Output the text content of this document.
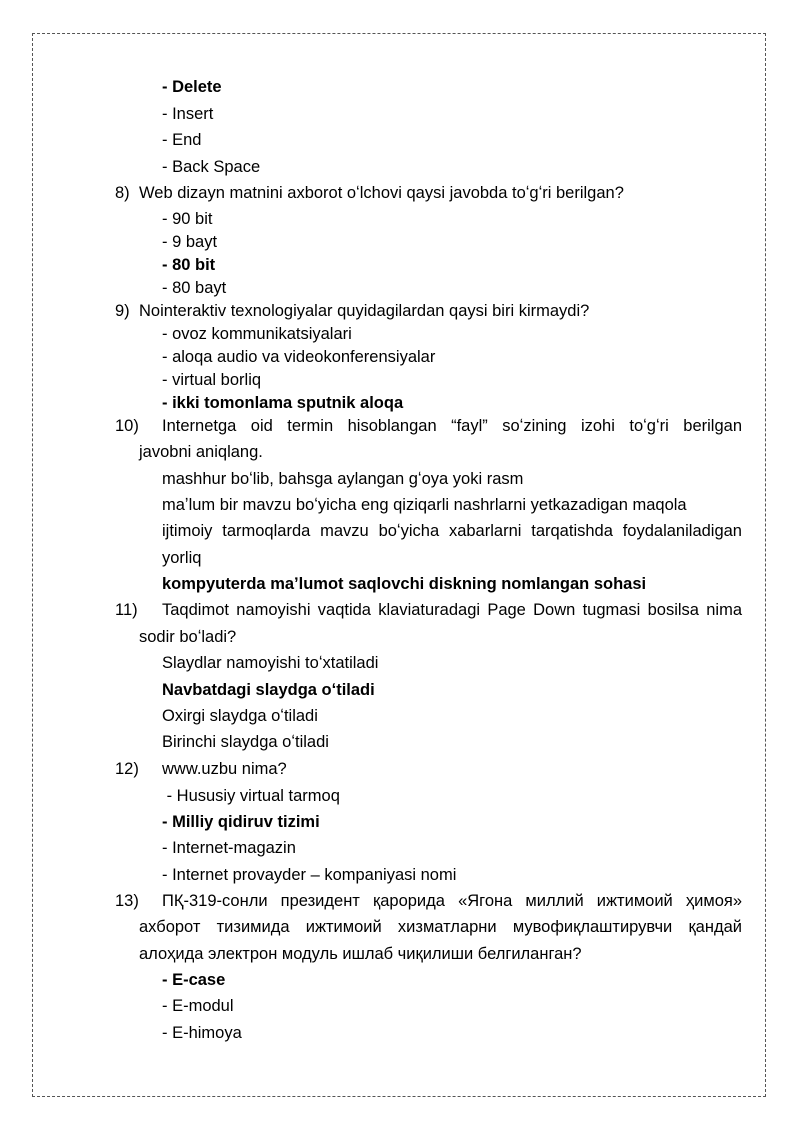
- Delete
- Insert
- End
- Back Space
8) Web dizayn matnini axborot oʻlchovi qaysi javobda toʻgʻri berilgan?
- 90 bit
- 9 bayt
- 80 bit
- 80 bayt
9) Nointeraktiv texnologiyalar quyidagilardan qaysi biri kirmaydi?
- ovoz kommunikatsiyalari
- aloqa audio va videokonferensiyalar
- virtual borliq
- ikki tomonlama sputnik aloqa
10) Internetga oid termin hisoblangan “fayl” soʻzining izohi toʻgʻri berilgan
javobni aniqlang.
mashhur boʻlib, bahsga aylangan gʻoya yoki rasm
maʼlum bir mavzu boʻyicha eng qiziqarli nashrlarni yetkazadigan maqola
ijtimoiy tarmoqlarda mavzu boʻyicha xabarlarni tarqatishda foydalaniladigan
yorliq
kompyuterda maʼlumot saqlovchi diskning nomlangan sohasi
11) Taqdimot namoyishi vaqtida klaviaturadagi Page Down tugmasi bosilsa nima
sodir boʻladi?
Slaydlar namoyishi toʻxtatiladi
Navbatdagi slaydga oʻtiladi
Oxirgi slaydga oʻtiladi
Birinchi slaydga oʻtiladi
12) www.uzbu nima?
- Hususiy virtual tarmoq
- Milliy qidiruv tizimi
- Internet-magazin
- Internet provayder – kompaniyasi nomi
13) ПҚ-319-сонли президент қарорида «Ягона миллий ижтимоий ҳимоя»
ахборот тизимида ижтимоий хизматларни мувофиқлаштирувчи қандай
алоҳида электрон модуль ишлаб чиқилиши белгиланган?
- E-case
- E-modul
- E-himoya
